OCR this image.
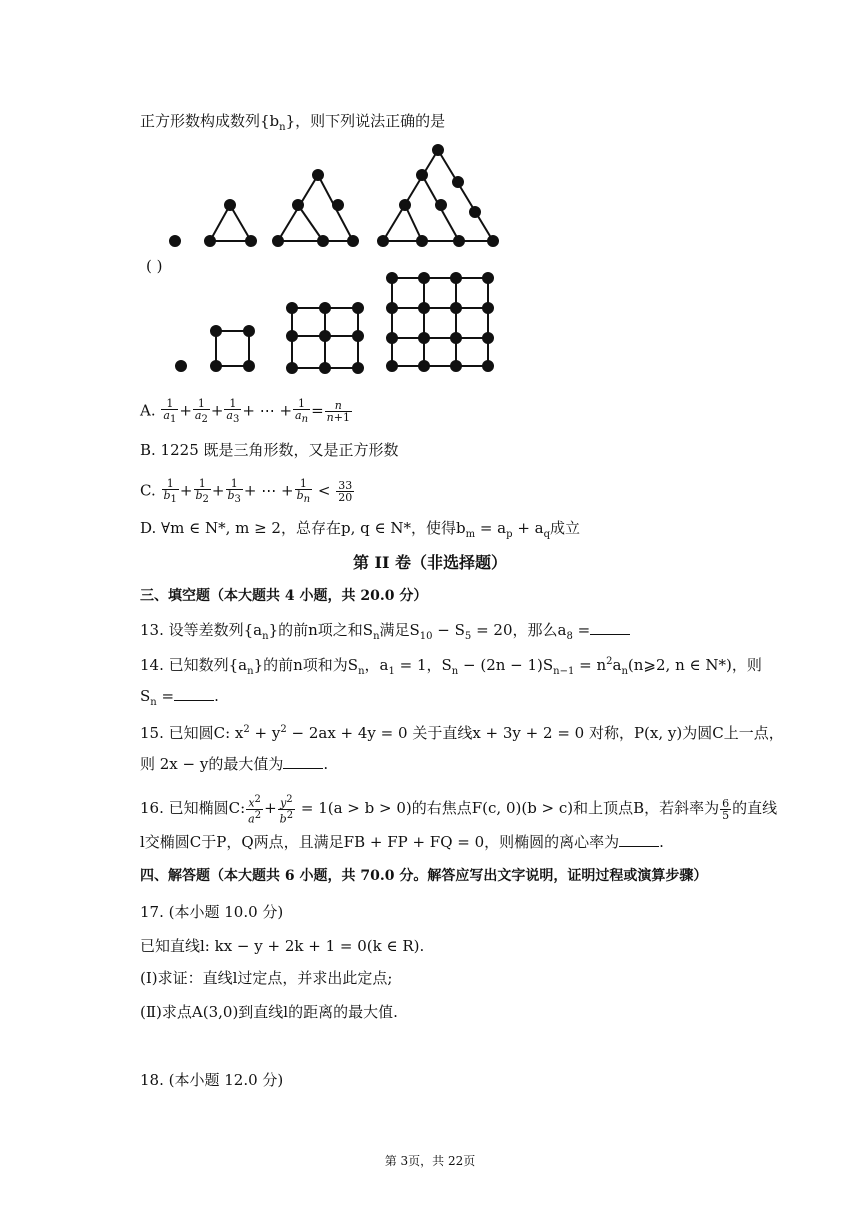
正方形数构成数列$\{b_n\}$，则下列说法正确的是
( )
A. $\frac{1}{a_1} + \frac{1}{a_2} + \frac{1}{a_3}$ + ⋯ + $\frac{1}{a_n} = \frac{n}{n+1}$
B. 1225 既是三角形数，又是正方形数
C. $\frac{1}{b_1} + \frac{1}{b_2} + \frac{1}{b_3}$ + ⋯ + $\frac{1}{b_n} < \frac{33}{20}$
D. ∀m ∈ N*, m ≥ 2，总存在p, q ∈ N*，使得$b_m = a_p + a_q$成立
第 II 卷（非选择题）
三、填空题（本大题共 4 小题，共 20.0 分）
13. 设等差数列$\{a_n\}$的前n项之和$S_n$满足$S_{10} - S_5 = 20$，那么$a_8$ =
14. 已知数列$\{a_n\}$的前n项和为$S_n$，$a_1 = 1$，$S_n - (2n - 1)S_{n-1}$ = $n^2a_n(n⩾2$, n ∈ N*)，则
$S_n$ =	.
15. 已知圆C: $x^2 + y^2 - 2ax + 4y = 0$ 关于直线x + 3y + 2 = 0 对称，P(x, y)为圆C上一点，
则 2x − y的最大值为	.
16. 已知椭圆C: $\frac{x^2}{a^2} + \frac{y^2}{b^2} = 1(a > b > 0)$的右焦点F(c, 0)(b > c)和上顶点B，若斜率为 $\frac{6}{5}$ 的直线
l交椭圆C于P，Q两点，且满足FB + FP + FQ = 0，则椭圆的离心率为	.
四、解答题（本大题共 6 小题，共 70.0 分。解答应写出文字说明，证明过程或演算步骤）
17. (本小题 10.0 分)
已知直线l: kx − y + 2k + 1 = 0(k ∈ R).
(Ⅰ)求证：直线l过定点，并求出此定点;
(Ⅱ)求点A(3,0)到直线l的距离的最大值.
18. (本小题 12.0 分)
第 3页，共 22页
